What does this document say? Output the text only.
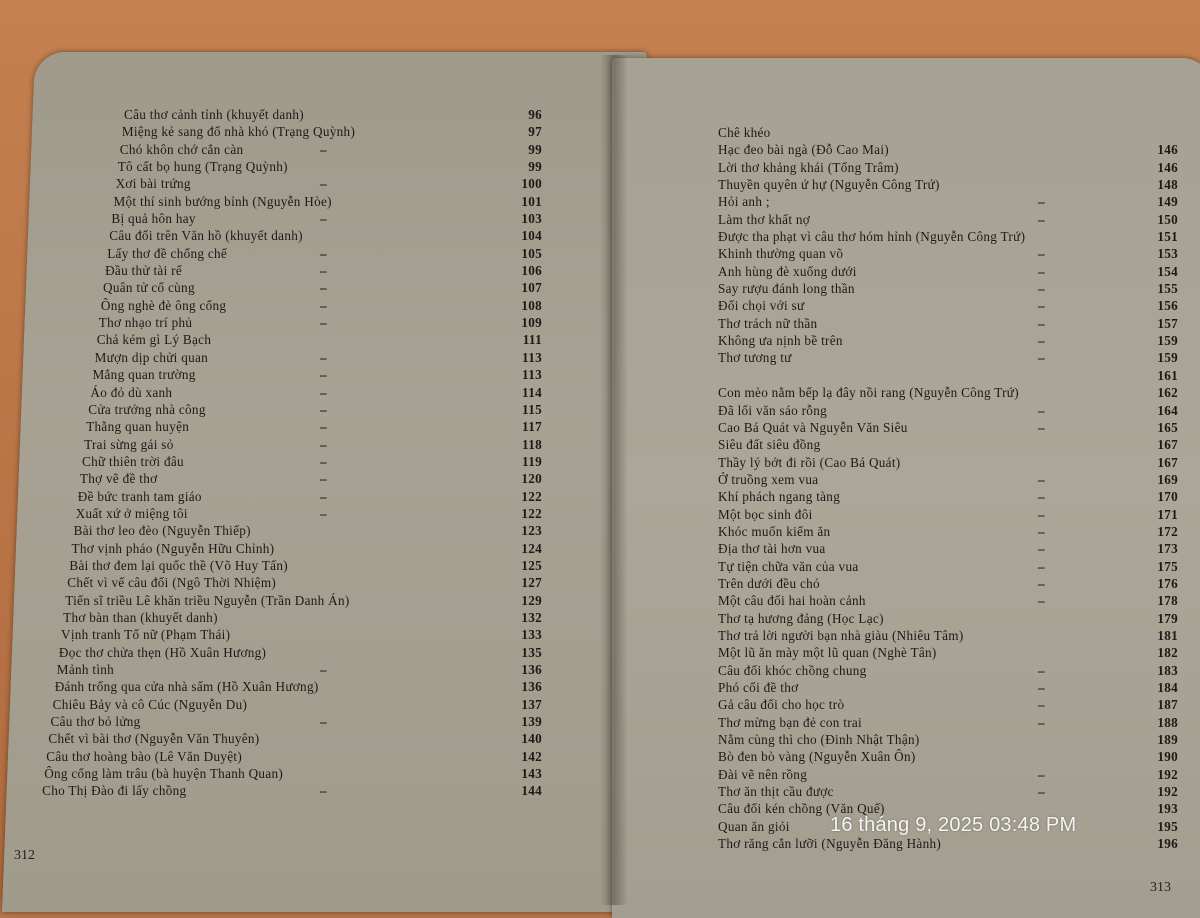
Câu thơ cảnh tỉnh (khuyết danh)	96
Miệng kẻ sang đố nhà khó (Trạng Quỳnh)	97
Chó khôn chớ cắn càn	–	99
Tô cất bọ hung (Trạng Quỳnh)	99
Xơi bài trứng	–	100
Một thí sinh bướng bỉnh (Nguyễn Hòe)	101
Bị quả hôn hay	–	103
Câu đối trên Văn hồ (khuyết danh)	104
Lấy thơ đề chống chế	–	105
Đầu thử tài rể	–	106
Quân tử cố cùng	–	107
Ông nghè đè ông cống	–	108
Thơ nhạo trí phủ	–	109
Chả kém gì Lý Bạch	111
Mượn dịp chửi quan	–	113
Mắng quan trường	–	113
Áo đỏ dù xanh	–	114
Cửa trướng nhà công	–	115
Thằng quan huyện	–	117
Trai sừng gái sỏ	–	118
Chữ thiên trời đâu	–	119
Thợ vẽ đề thơ	–	120
Đề bức tranh tam giáo	–	122
Xuất xứ ở miệng tôi	–	122
Bài thơ leo đèo (Nguyễn Thiếp)	123
Thơ vịnh pháo (Nguyễn Hữu Chỉnh)	124
Bài thơ đem lại quốc thề (Võ Huy Tấn)	125
Chết vì vế câu đối (Ngô Thời Nhiệm)	127
Tiến sĩ triều Lê khăn triều Nguyễn (Trần Danh Án)	129
Thơ bàn than (khuyết danh)	132
Vịnh tranh Tố nữ (Phạm Thái)	133
Đọc thơ chửa thẹn (Hồ Xuân Hương)	135
Mảnh tình	–	136
Đánh trống qua cửa nhà sấm (Hồ Xuân Hương)	136
Chiêu Bảy và cô Cúc (Nguyễn Du)	137
Câu thơ bỏ lửng	–	139
Chết vì bài thơ (Nguyễn Văn Thuyên)	140
Câu thơ hoàng bào (Lê Văn Duyệt)	142
Ông cống làm trâu (bà huyện Thanh Quan)	143
Cho Thị Đào đi lấy chồng	–	144
Chê khéo
Hạc đeo bài ngà (Đỗ Cao Mai)	146
Lời thơ khảng khái (Tống Trâm)	146
Thuyền quyên ứ hự (Nguyễn Công Trứ)	148
Hỏi anh ;	–	149
Làm thơ khất nợ	–	150
Được tha phạt vì câu thơ hóm hỉnh (Nguyễn Công Trứ)	151
Khinh thường quan võ	–	153
Anh hùng đè xuống dưới	–	154
Say rượu đánh long thần	–	155
Đối chọi với sư	–	156
Thơ trách nữ thần	–	157
Không ưa nịnh bề trên	–	159
Thơ tương tư	–	159
161
Con mèo nằm bếp lạ đây nồi rang (Nguyễn Công Trứ)	162
Đã lối văn sáo rỗng	–	164
Cao Bá Quát và Nguyễn Văn Siêu	–	165
Siêu đất siêu đồng	167
Thầy lý bớt đi rồi (Cao Bá Quát)	167
Ở truồng xem vua	–	169
Khí phách ngang tàng	–	170
Một bọc sinh đôi	–	171
Khóc muốn kiếm ăn	–	172
Địa thơ tài hơn vua	–	173
Tự tiện chữa văn của vua	–	175
Trên dưới đều chó	–	176
Một câu đối hai hoàn cảnh	–	178
Thơ tạ hương đảng (Học Lạc)	179
Thơ trả lời người bạn nhà giàu (Nhiêu Tâm)	181
Một lũ ăn mày một lũ quan (Nghè Tân)	182
Câu đối khóc chồng chung	–	183
Phó cối đề thơ	–	184
Gả câu đối cho học trò	–	187
Thơ mừng bạn đẻ con trai	–	188
Nằm cùng thì cho (Đinh Nhật Thận)	189
Bò đen bò vàng (Nguyễn Xuân Ôn)	190
Đài vẽ nên rồng	–	192
Thơ ăn thịt cầu được	–	192
Câu đối kén chồng (Văn Quế)	193
Quan ăn giỏi	195
Thơ răng cắn lưỡi (Nguyễn Đăng Hành)	196
312
313
16 tháng 9, 2025 03:48 PM
